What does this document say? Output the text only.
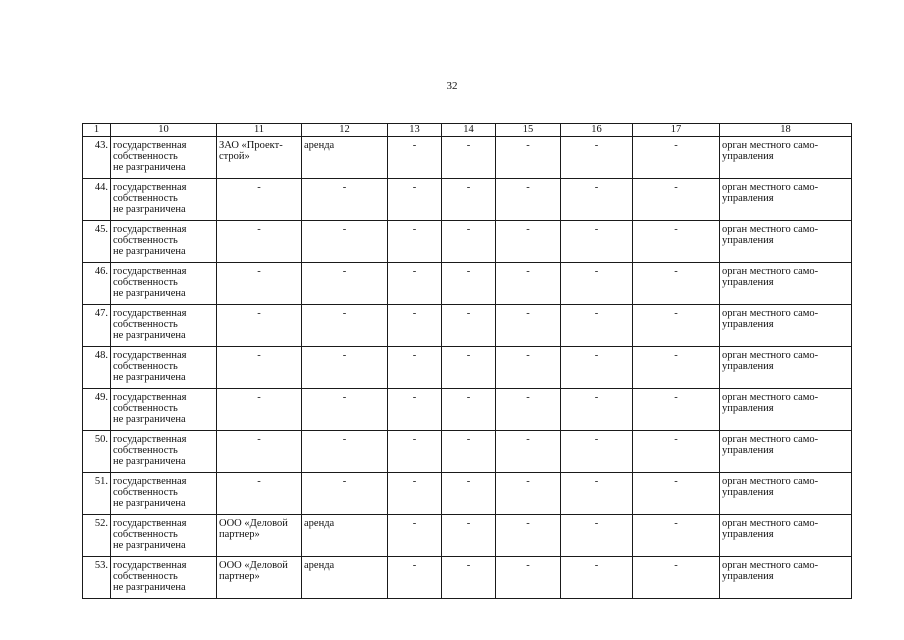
32
1	10	11	12	13	14	15	16	17	18
43.	государственная
собственность
не разграничена	ЗАО «Проект-
строй»	аренда	-	-	-	-	-	орган местного само-
управления

44.	государственная
собственность
не разграничена	-	-	-	-	-	-	-	орган местного само-
управления

45.	государственная
собственность
не разграничена	-	-	-	-	-	-	-	орган местного само-
управления

46.	государственная
собственность
не разграничена	-	-	-	-	-	-	-	орган местного само-
управления

47.	государственная
собственность
не разграничена	-	-	-	-	-	-	-	орган местного само-
управления

48.	государственная
собственность
не разграничена	-	-	-	-	-	-	-	орган местного само-
управления

49.	государственная
собственность
не разграничена	-	-	-	-	-	-	-	орган местного само-
управления

50.	государственная
собственность
не разграничена	-	-	-	-	-	-	-	орган местного само-
управления

51.	государственная
собственность
не разграничена	-	-	-	-	-	-	-	орган местного само-
управления

52.	государственная
собственность
не разграничена	ООО «Деловой
партнер»	аренда	-	-	-	-	-	орган местного само-
управления

53.	государственная
собственность
не разграничена	ООО «Деловой
партнер»	аренда	-	-	-	-	-	орган местного само-
управления
